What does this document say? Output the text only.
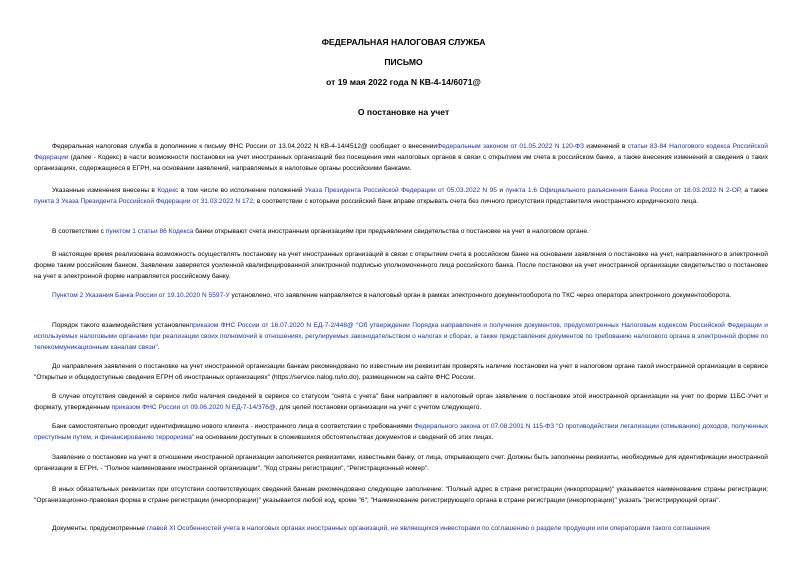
ФЕДЕРАЛЬНАЯ НАЛОГОВАЯ СЛУЖБА
ПИСЬМО
от 19 мая 2022 года N КВ-4-14/6071@
О постановке на учет
Федеральная налоговая служба в дополнение к письму ФНС России от 13.04.2022 N КВ-4-14/4512@ сообщает о внесенииФедеральным законом от 01.05.2022 N 120-ФЗ изменений в статьи 83-84 Налогового кодекса Российской Федерации (далее - Кодекс) в части возможности постановки на учет иностранных организаций без посещения ими налоговых органов в связи с открытием им счета в российском банке, а также внесения изменений в сведения о таких организациях, содержащиеся в ЕГРН, на основании заявлений, направляемых в налоговые органы российскими банками.
Указанные изменения внесены в Кодекс в том числе во исполнение положений Указа Президента Российской Федерации от 05.03.2022 N 95 и пункта 1.6 Официального разъяснения Банка России от 18.03.2022 N 2-ОР, а также пункта 3 Указа Президента Российской Федерации от 31.03.2022 N 172, в соответствии с которыми российский банк вправе открывать счета без личного присутствия представителя иностранного юридического лица.
В соответствии с пунктом 1 статьи 86 Кодекса банки открывают счета иностранным организациям при предъявлении свидетельства о постановке на учет в налоговом органе.
В настоящее время реализована возможность осуществлять постановку на учет иностранных организаций в связи с открытием счета в российском банке на основании заявления о постановке на учет, направленного в электронной форме таким российским банком. Заявление заверяется усиленной квалифицированной электронной подписью уполномоченного лица российского банка. После постановки на учет иностранной организации свидетельство о постановке на учет в электронной форме направляется российскому банку.
Пунктом 2 Указания Банка России от 19.10.2020 N 5597-У установлено, что заявление направляется в налоговый орган в рамках электронного документооборота по ТКС через оператора электронного документооборота.
Порядок такого взаимодействия установленприказом ФНС России от 16.07.2020 N ЕД-7-2/448@ "Об утверждении Порядка направления и получения документов, предусмотренных Налоговым кодексом Российской Федерации и используемых налоговыми органами при реализации своих полномочий в отношениях, регулируемых законодательством о налогах и сборах, а также представления документов по требованию налогового органа в электронной форме по телекоммуникационным каналам связи".
До направления заявления о постановке на учет иностранной организации банкам рекомендовано по известным им реквизитам проверять наличие постановки на учет в налоговом органе такой иностранной организации в сервисе "Открытые и общедоступные сведения ЕГРН об иностранных организациях" (https://service.nalog.ru/io.do), размещенном на сайте ФНС России.
В случае отсутствия сведений в сервисе либо наличия сведений в сервисе со статусом "снята с учета" банк направляет в налоговый орган заявление о постановке этой иностранной организации на учет по форме 11БС-Учет и формату, утвержденным приказом ФНС России от 09.06.2020 N ЕД-7-14/376@, для целей постановки организации на учет с учетом следующего.
Банк самостоятельно проводит идентификацию нового клиента - иностранного лица в соответствии с требованиями Федерального закона от 07.08.2001 N 115-ФЗ "О противодействии легализации (отмыванию) доходов, полученных преступным путем, и финансированию терроризма" на основании доступных в сложившихся обстоятельствах документов и сведений об этих лицах.
Заявление о постановке на учет в отношении иностранной организации заполняется реквизитами, известными банку, от лица, открывающего счет. Должны быть заполнены реквизиты, необходимые для идентификации иностранной организации в ЕГРН, - "Полное наименование иностранной организации", "Код страны регистрации", "Регистрационный номер".
В иных обязательных реквизитах при отсутствии соответствующих сведений банкам рекомендовано следующее заполнение: "Полный адрес в стране регистрации (инкорпорации)" указывается наименование страны регистрации; "Организационно-правовая форма в стране регистрации (инкорпорации)" указывается любой код, кроме "6"; "Наименование регистрирующего органа в стране регистрации (инкорпорации)" указать "регистрирующий орган".
Документы, предусмотренные главой XI Особенностей учета в налоговых органах иностранных организаций, не являющихся инвесторами по соглашению о разделе продукции или операторами такого соглашения
